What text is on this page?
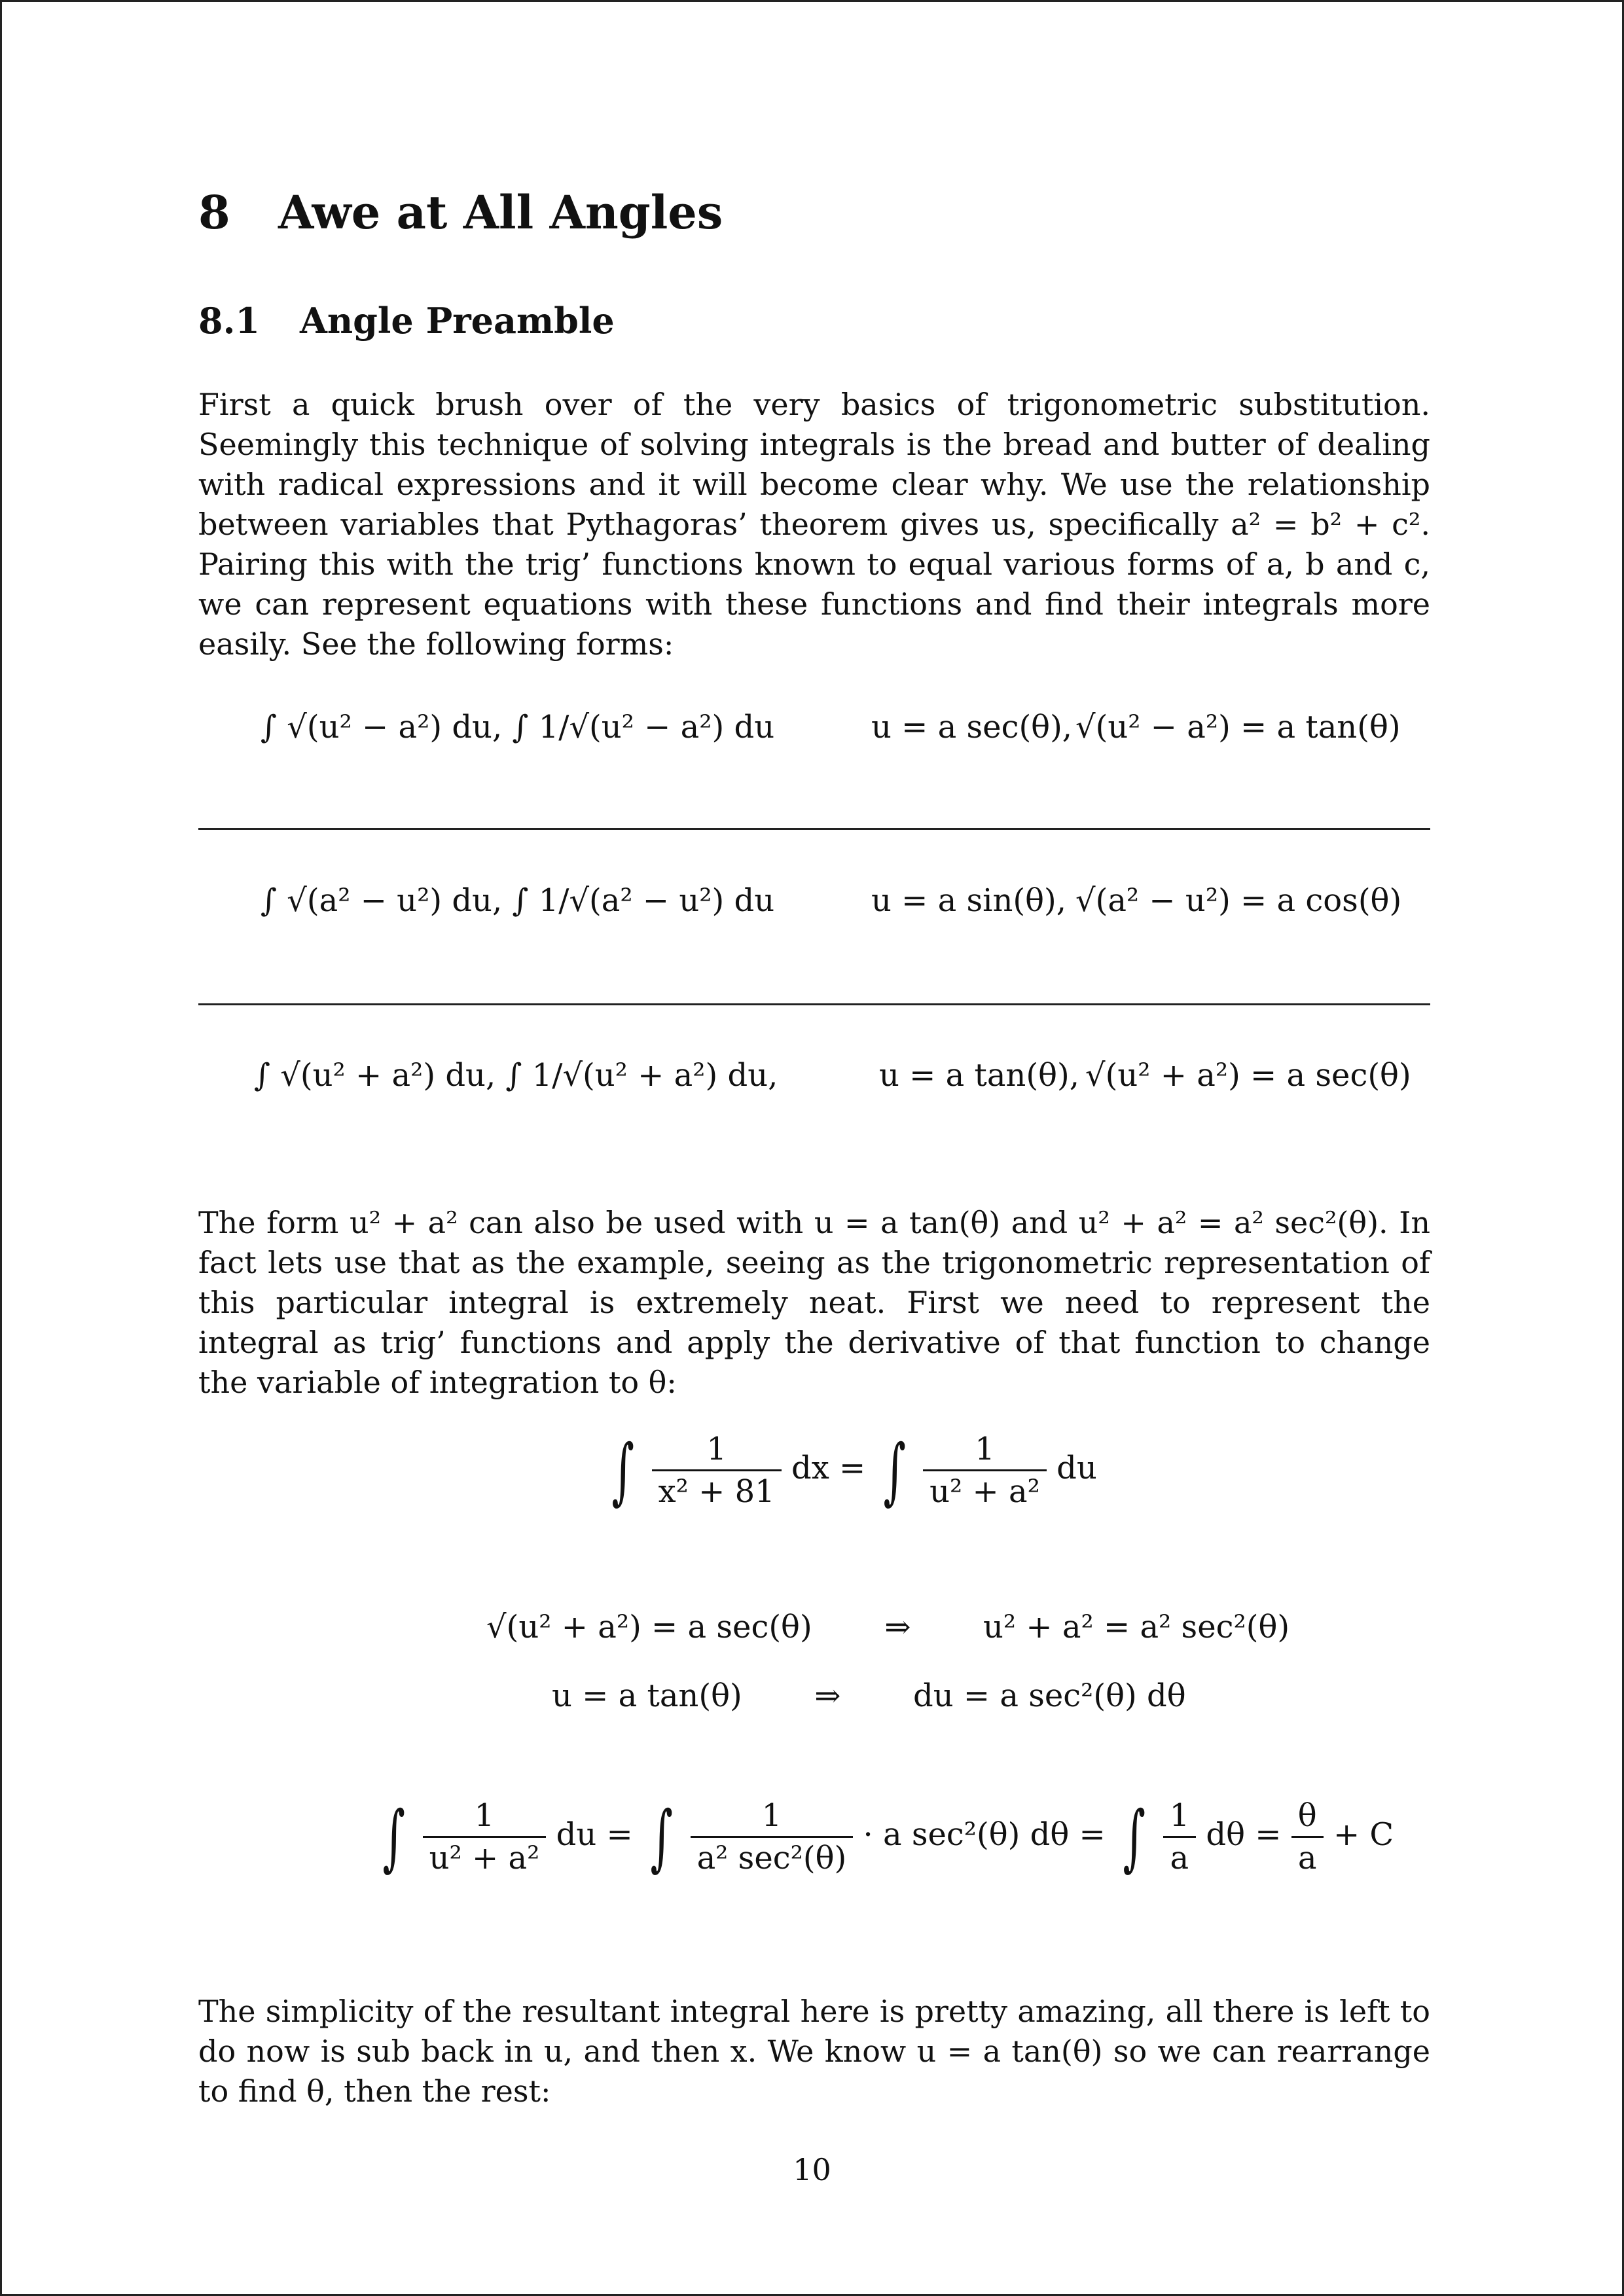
8 Awe at All Angles
8.1 Angle Preamble

First a quick brush over of the very basics of trigonometric substitution. Seemingly this technique of solving integrals is the bread and butter of dealing with radical expressions and it will become clear why. We use the relationship between variables that Pythagoras’ theorem gives us, specifically a² = b² + c². Pairing this with the trig’ functions known to equal various forms of a, b and c, we can represent equations with these functions and find their integrals more easily. See the following forms:

∫ √(u² − a²) du, ∫ 1/√(u² − a²) du	u = a sec(θ), √(u² − a²) = a tan(θ)
∫ √(a² − u²) du, ∫ 1/√(a² − u²) du	u = a sin(θ), √(a² − u²) = a cos(θ)
∫ √(u² + a²) du, ∫ 1/√(u² + a²) du,	u = a tan(θ), √(u² + a²) = a sec(θ)

The form u² + a² can also be used with u = a tan(θ) and u² + a² = a² sec²(θ). In fact lets use that as the example, seeing as the trigonometric representation of this particular integral is extremely neat. First we need to represent the integral as trig’ functions and apply the derivative of that function to change the variable of integration to θ:

∫ $\frac{1}{\text{x² + 81}}$ dx = ∫ $\frac{1}{\text{u² + a²}}$ du
√(u² + a²) = a sec(θ) ⇒ u² + a² = a² sec²(θ)
u = a tan(θ) ⇒ du = a sec²(θ) dθ
∫ $\frac{1}{\text{u² + a²}}$ du = ∫ $\frac{1}{\text{a² sec²(θ)}} \cdot a$ sec²(θ) dθ = ∫ $\frac{1}{a}$ $d\theta = \frac{\theta}{a} + C$

The simplicity of the resultant integral here is pretty amazing, all there is left to do now is sub back in u, and then x. We know u = a tan(θ) so we can rearrange to find θ, then the rest:

10
